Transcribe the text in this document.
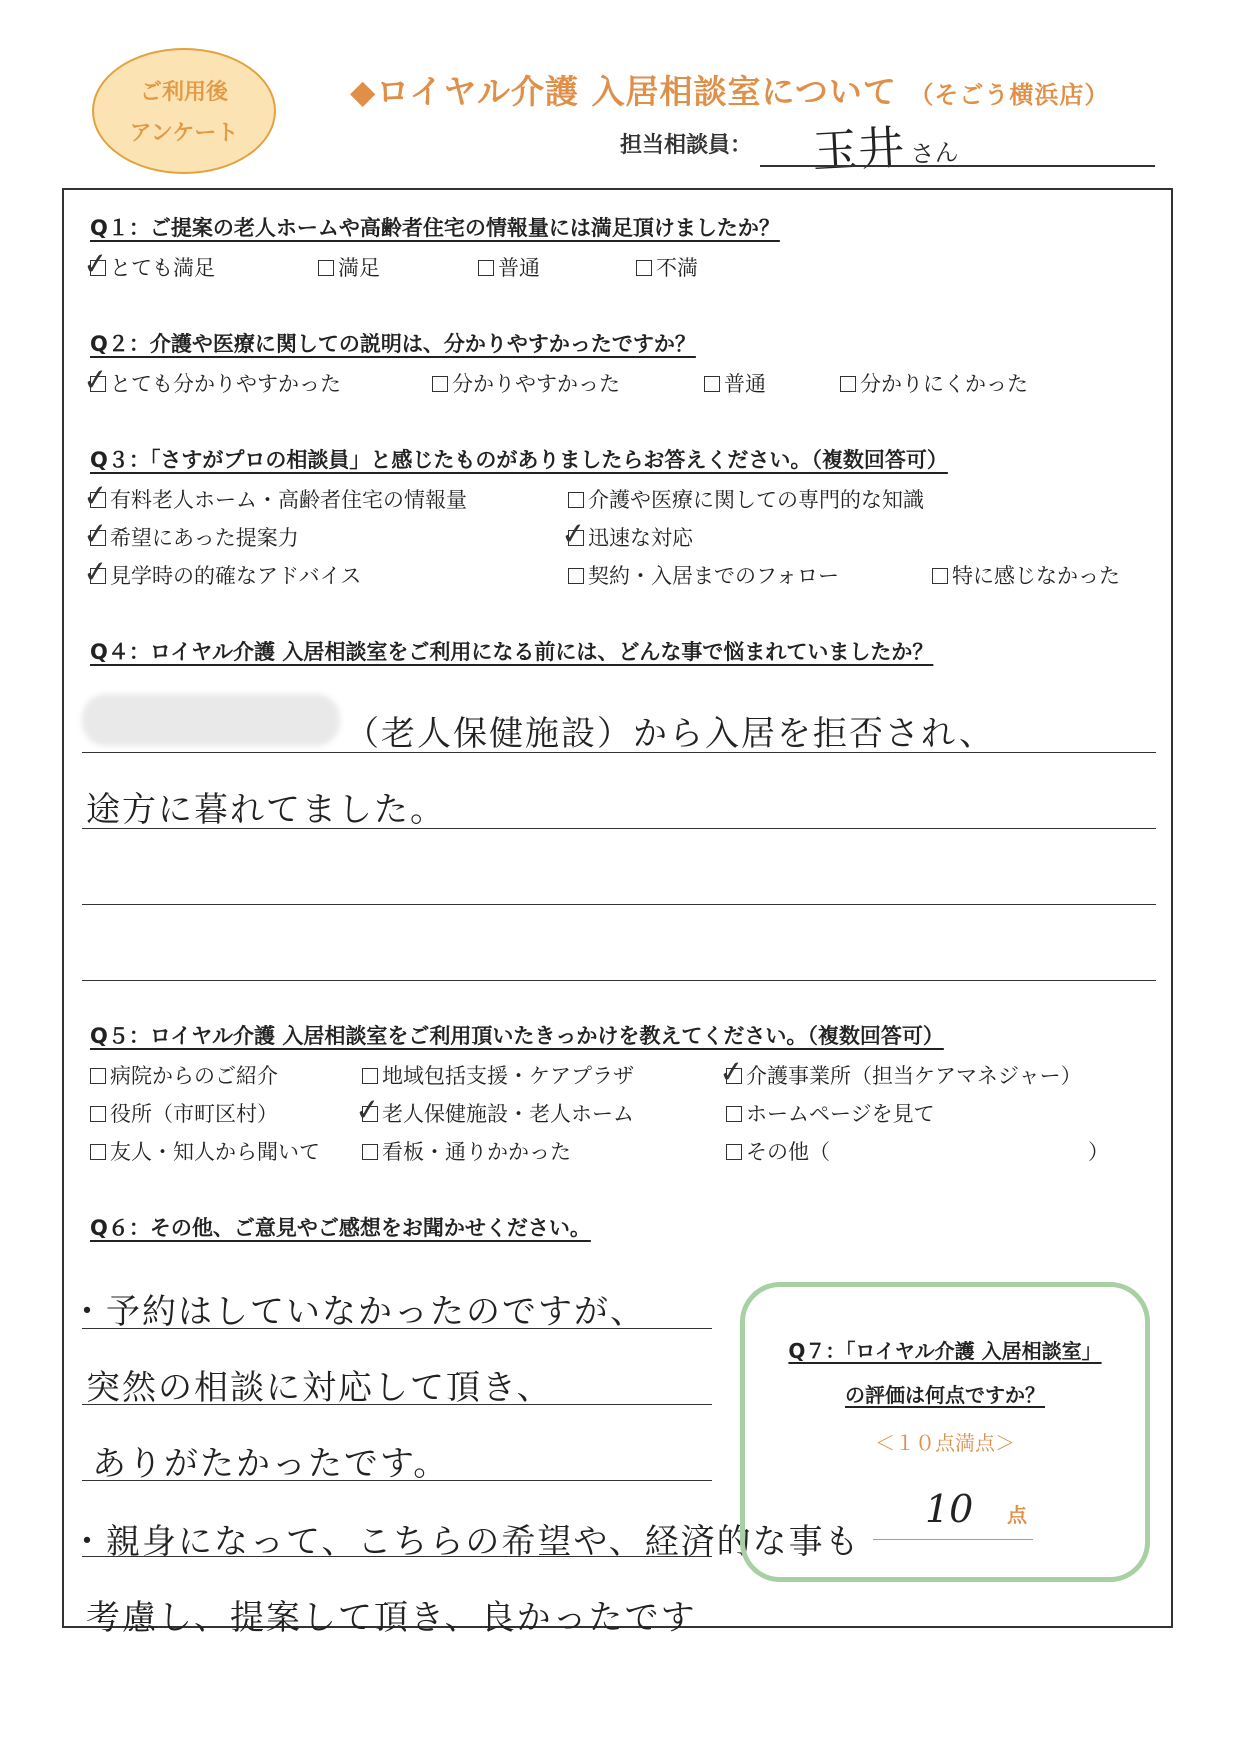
ご利用後
アンケート
◆ロイヤル介護 入居相談室について （そごう横浜店）
担当相談員： 玉井 さん
Q１：ご提案の老人ホームや高齢者住宅の情報量には満足頂けましたか？
✓ とても満足	満足	普通	不満
Q２：介護や医療に関しての説明は、分かりやすかったですか？
✓ とても分かりやすかった	分かりやすかった	普通	分かりにくかった
Q３：「さすがプロの相談員」と感じたものがありましたらお答えください。（複数回答可）
✓ 有料老人ホーム・高齢者住宅の情報量	介護や医療に関しての専門的な知識
✓ 希望にあった提案力	✓ 迅速な対応
✓ 見学時の的確なアドバイス	契約・入居までのフォロー	特に感じなかった
Q４：ロイヤル介護 入居相談室をご利用になる前には、どんな事で悩まれていましたか？
（老人保健施設）から入居を拒否され、
途方に暮れてました。
Q５：ロイヤル介護 入居相談室をご利用頂いたきっかけを教えてください。（複数回答可）
病院からのご紹介	地域包括支援・ケアプラザ	✓ 介護事業所（担当ケアマネジャー）
役所（市町区村）	✓ 老人保健施設・老人ホーム	ホームページを見て
友人・知人から聞いて	看板・通りかかった	その他（	）
Q６：その他、ご意見やご感想をお聞かせください。
・予約はしていなかったのですが、
突然の相談に対応して頂き、
ありがたかったです。
・親身になって、こちらの希望や、経済的な事も
考慮し、提案して頂き、良かったです
Q７：「ロイヤル介護 入居相談室」
の評価は何点ですか？
＜１０点満点＞
10 点
